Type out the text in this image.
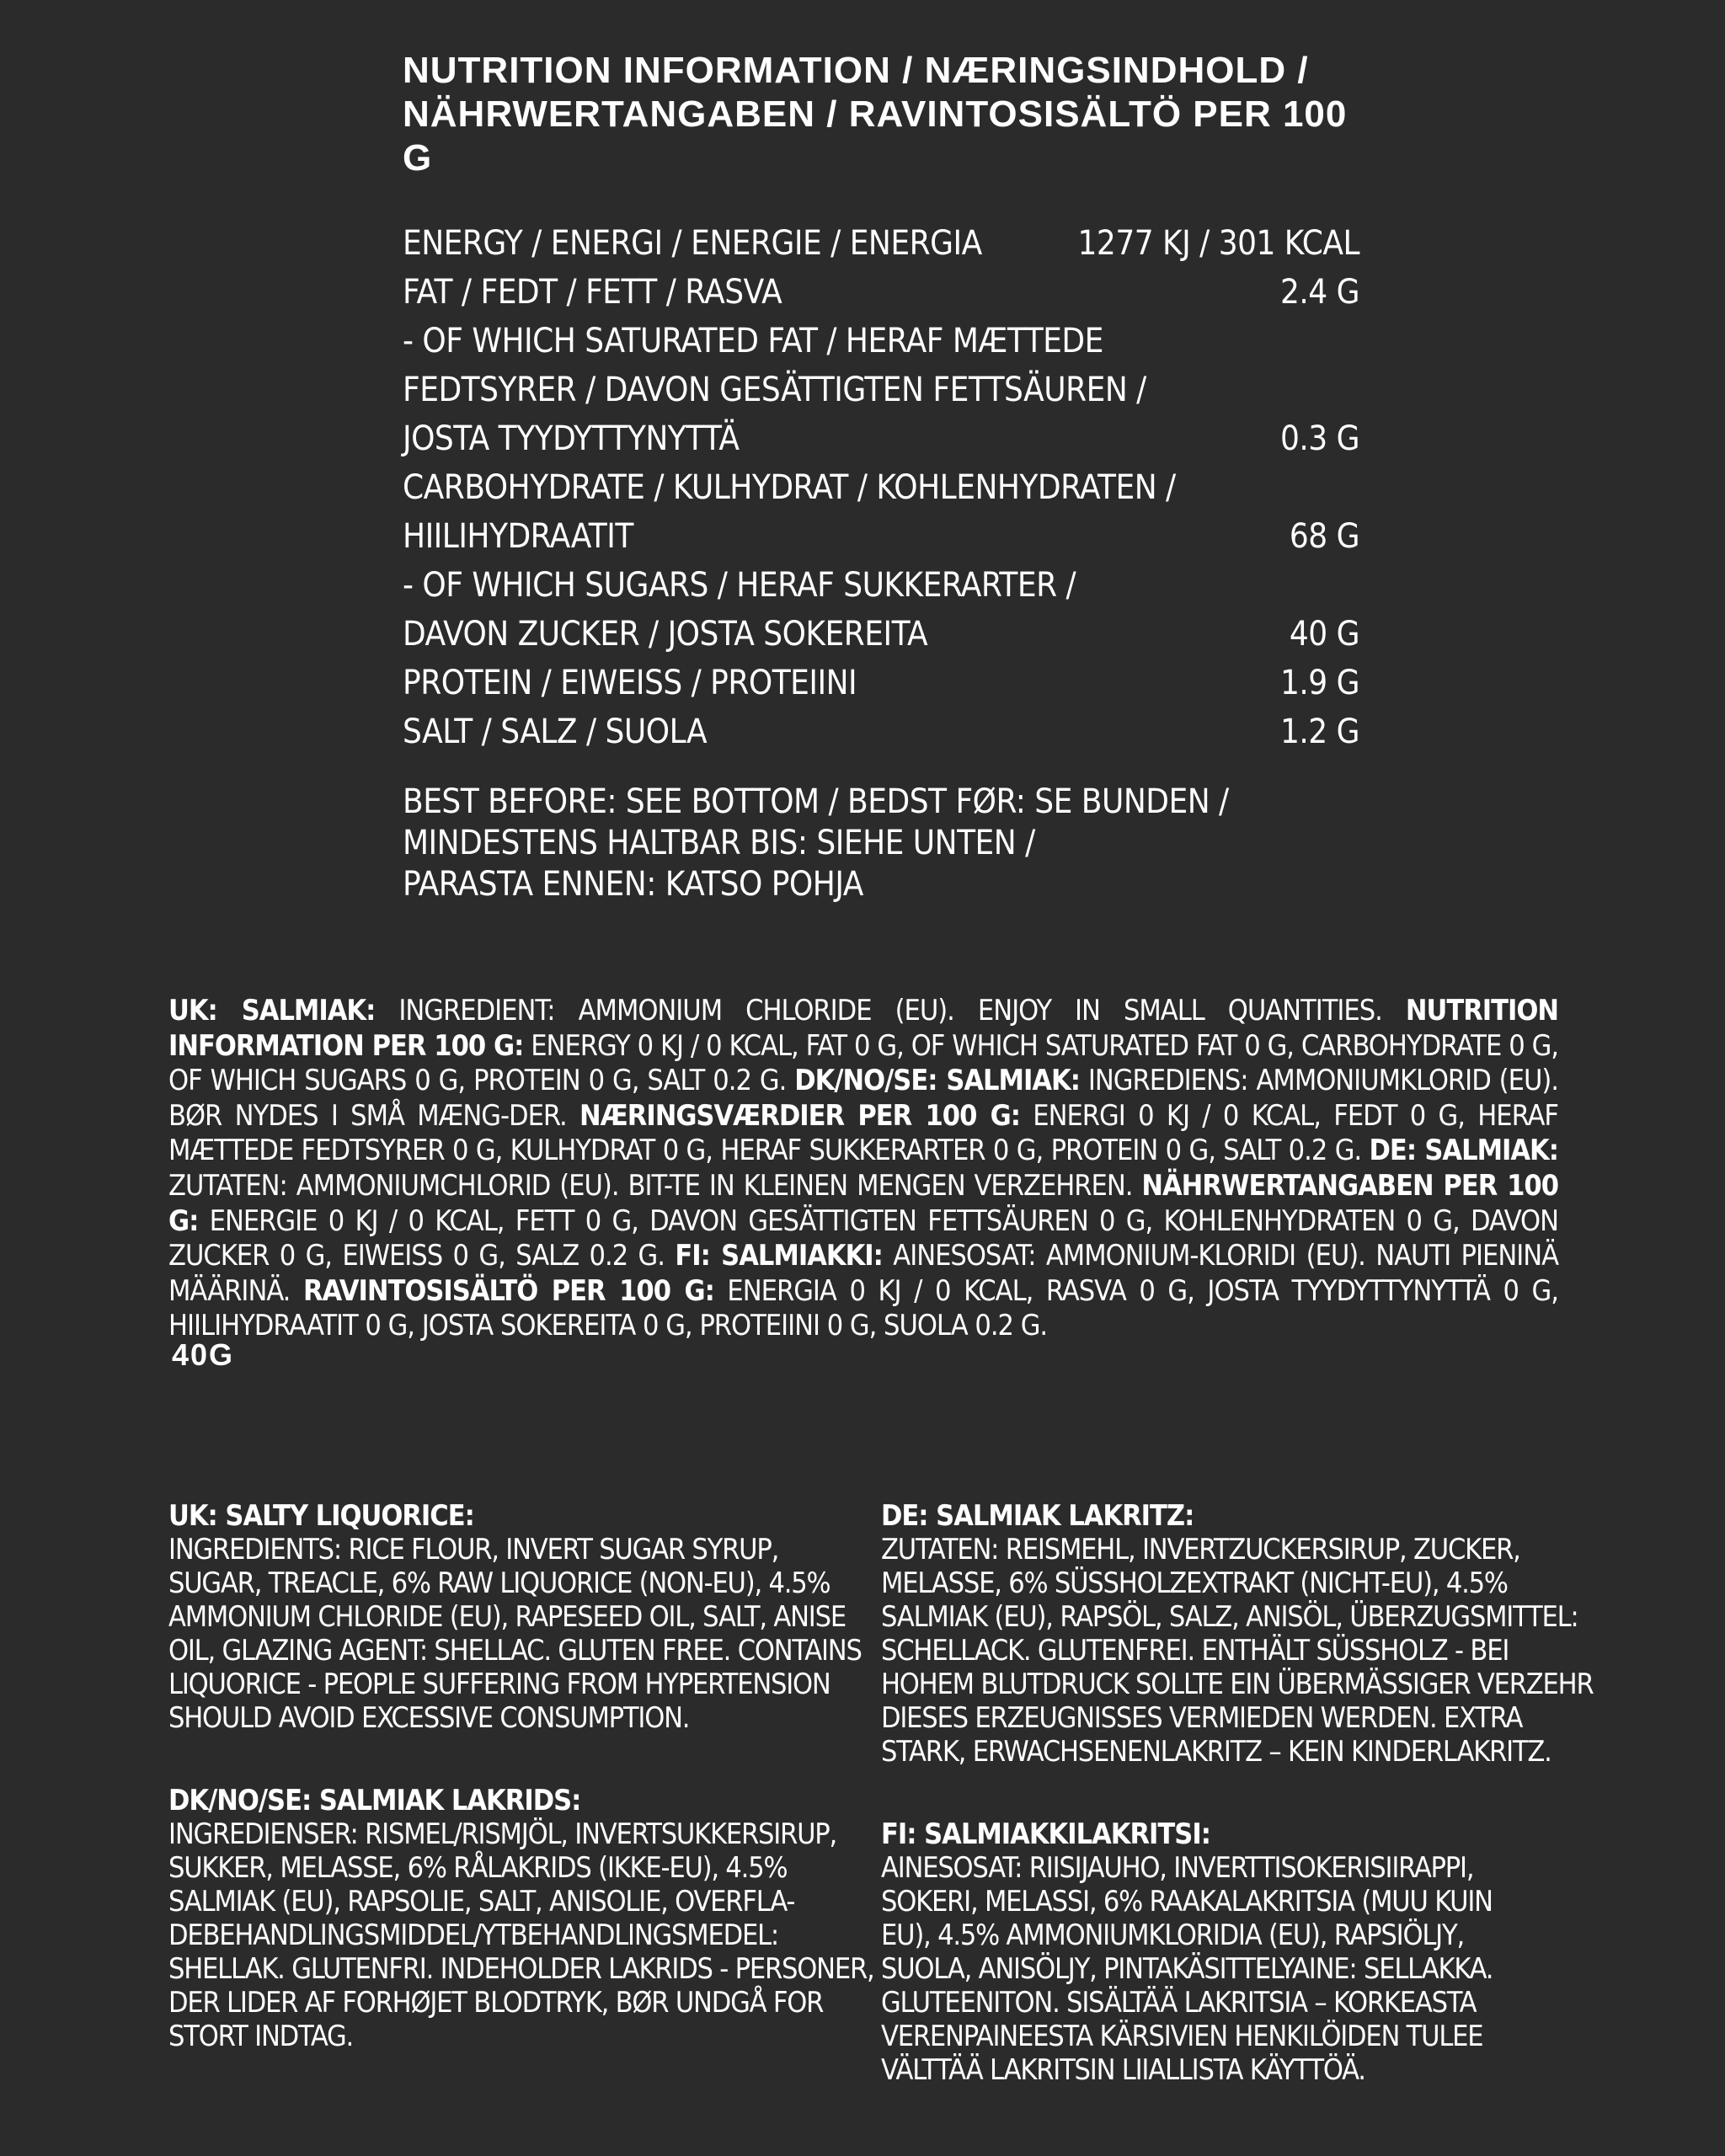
NUTRITION INFORMATION / NÆRINGSINDHOLD /
NÄHRWERTANGABEN / RAVINTOSISÄLTÖ PER 100 G
ENERGY / ENERGI / ENERGIE / ENERGIA	1277 KJ / 301 KCAL
FAT / FEDT / FETT / RASVA	2.4 G
- OF WHICH SATURATED FAT / HERAF MÆTTEDE
FEDTSYRER / DAVON GESÄTTIGTEN FETTSÄUREN /
JOSTA TYYDYTTYNYTTÄ	0.3 G
CARBOHYDRATE / KULHYDRAT / KOHLENHYDRATEN /
HIILIHYDRAATIT	68 G
- OF WHICH SUGARS / HERAF SUKKERARTER /
DAVON ZUCKER / JOSTA SOKEREITA	40 G
PROTEIN / EIWEISS / PROTEIINI	1.9 G
SALT / SALZ / SUOLA	1.2 G
BEST BEFORE: SEE BOTTOM / BEDST FØR: SE BUNDEN /
MINDESTENS HALTBAR BIS: SIEHE UNTEN /
PARASTA ENNEN: KATSO POHJA
UK: SALMIAK: INGREDIENT: AMMONIUM CHLORIDE (EU). ENJOY IN SMALL QUANTITIES. NUTRITION INFORMATION PER 100 G: ENERGY 0 KJ / 0 KCAL, FAT 0 G, OF WHICH SATURATED FAT 0 G, CARBOHYDRATE 0 G, OF WHICH SUGARS 0 G, PROTEIN 0 G, SALT 0.2 G. DK/NO/SE: SALMIAK: INGREDIENS: AMMONIUMKLORID (EU). BØR NYDES I SMÅ MÆNG-DER. NÆRINGSVÆRDIER PER 100 G: ENERGI 0 KJ / 0 KCAL, FEDT 0 G, HERAF MÆTTEDE FEDTSYRER 0 G, KULHYDRAT 0 G, HERAF SUKKERARTER 0 G, PROTEIN 0 G, SALT 0.2 G. DE: SALMIAK: ZUTATEN: AMMONIUMCHLORID (EU). BIT-TE IN KLEINEN MENGEN VERZEHREN. NÄHRWERTANGABEN PER 100 G: ENERGIE 0 KJ / 0 KCAL, FETT 0 G, DAVON GESÄTTIGTEN FETTSÄUREN 0 G, KOHLENHYDRATEN 0 G, DAVON ZUCKER 0 G, EIWEISS 0 G, SALZ 0.2 G. FI: SALMIAKKI: AINESOSAT: AMMONIUM-KLORIDI (EU). NAUTI PIENINÄ MÄÄRINÄ. RAVINTOSISÄLTÖ PER 100 G: ENERGIA 0 KJ / 0 KCAL, RASVA 0 G, JOSTA TYYDYTTYNYTTÄ 0 G, HIILIHYDRAATIT 0 G, JOSTA SOKEREITA 0 G, PROTEIINI 0 G, SUOLA 0.2 G.
40G
UK: SALTY LIQUORICE:
INGREDIENTS: RICE FLOUR, INVERT SUGAR SYRUP,
SUGAR, TREACLE, 6% RAW LIQUORICE (NON-EU), 4.5%
AMMONIUM CHLORIDE (EU), RAPESEED OIL, SALT, ANISE
OIL, GLAZING AGENT: SHELLAC. GLUTEN FREE. CONTAINS
LIQUORICE - PEOPLE SUFFERING FROM HYPERTENSION
SHOULD AVOID EXCESSIVE CONSUMPTION.
DK/NO/SE: SALMIAK LAKRIDS:
INGREDIENSER: RISMEL/RISMJÖL, INVERTSUKKERSIRUP,
SUKKER, MELASSE, 6% RÅLAKRIDS (IKKE-EU), 4.5%
SALMIAK (EU), RAPSOLIE, SALT, ANISOLIE, OVERFLA-
DEBEHANDLINGSMIDDEL/YTBEHANDLINGSMEDEL:
SHELLAK. GLUTENFRI. INDEHOLDER LAKRIDS - PERSONER,
DER LIDER AF FORHØJET BLODTRYK, BØR UNDGÅ FOR
STORT INDTAG.
DE: SALMIAK LAKRITZ:
ZUTATEN: REISMEHL, INVERTZUCKERSIRUP, ZUCKER,
MELASSE, 6% SÜSSHOLZEXTRAKT (NICHT-EU), 4.5%
SALMIAK (EU), RAPSÖL, SALZ, ANISÖL, ÜBERZUGSMITTEL:
SCHELLACK. GLUTENFREI. ENTHÄLT SÜSSHOLZ - BEI
HOHEM BLUTDRUCK SOLLTE EIN ÜBERMÄSSIGER VERZEHR
DIESES ERZEUGNISSES VERMIEDEN WERDEN. EXTRA
STARK, ERWACHSENENLAKRITZ – KEIN KINDERLAKRITZ.
FI: SALMIAKKILAKRITSI:
AINESOSAT: RIISIJAUHO, INVERTTISOKERISIIRAPPI,
SOKERI, MELASSI, 6% RAAKALAKRITSIA (MUU KUIN
EU), 4.5% AMMONIUMKLORIDIA (EU), RAPSIÖLJY,
SUOLA, ANISÖLJY, PINTAKÄSITTELYAINE: SELLAKKA.
GLUTEENITON. SISÄLTÄÄ LAKRITSIA – KORKEASTA
VERENPAINEESTA KÄRSIVIEN HENKILÖIDEN TULEE
VÄLTTÄÄ LAKRITSIN LIIALLISTA KÄYTTÖÄ.
